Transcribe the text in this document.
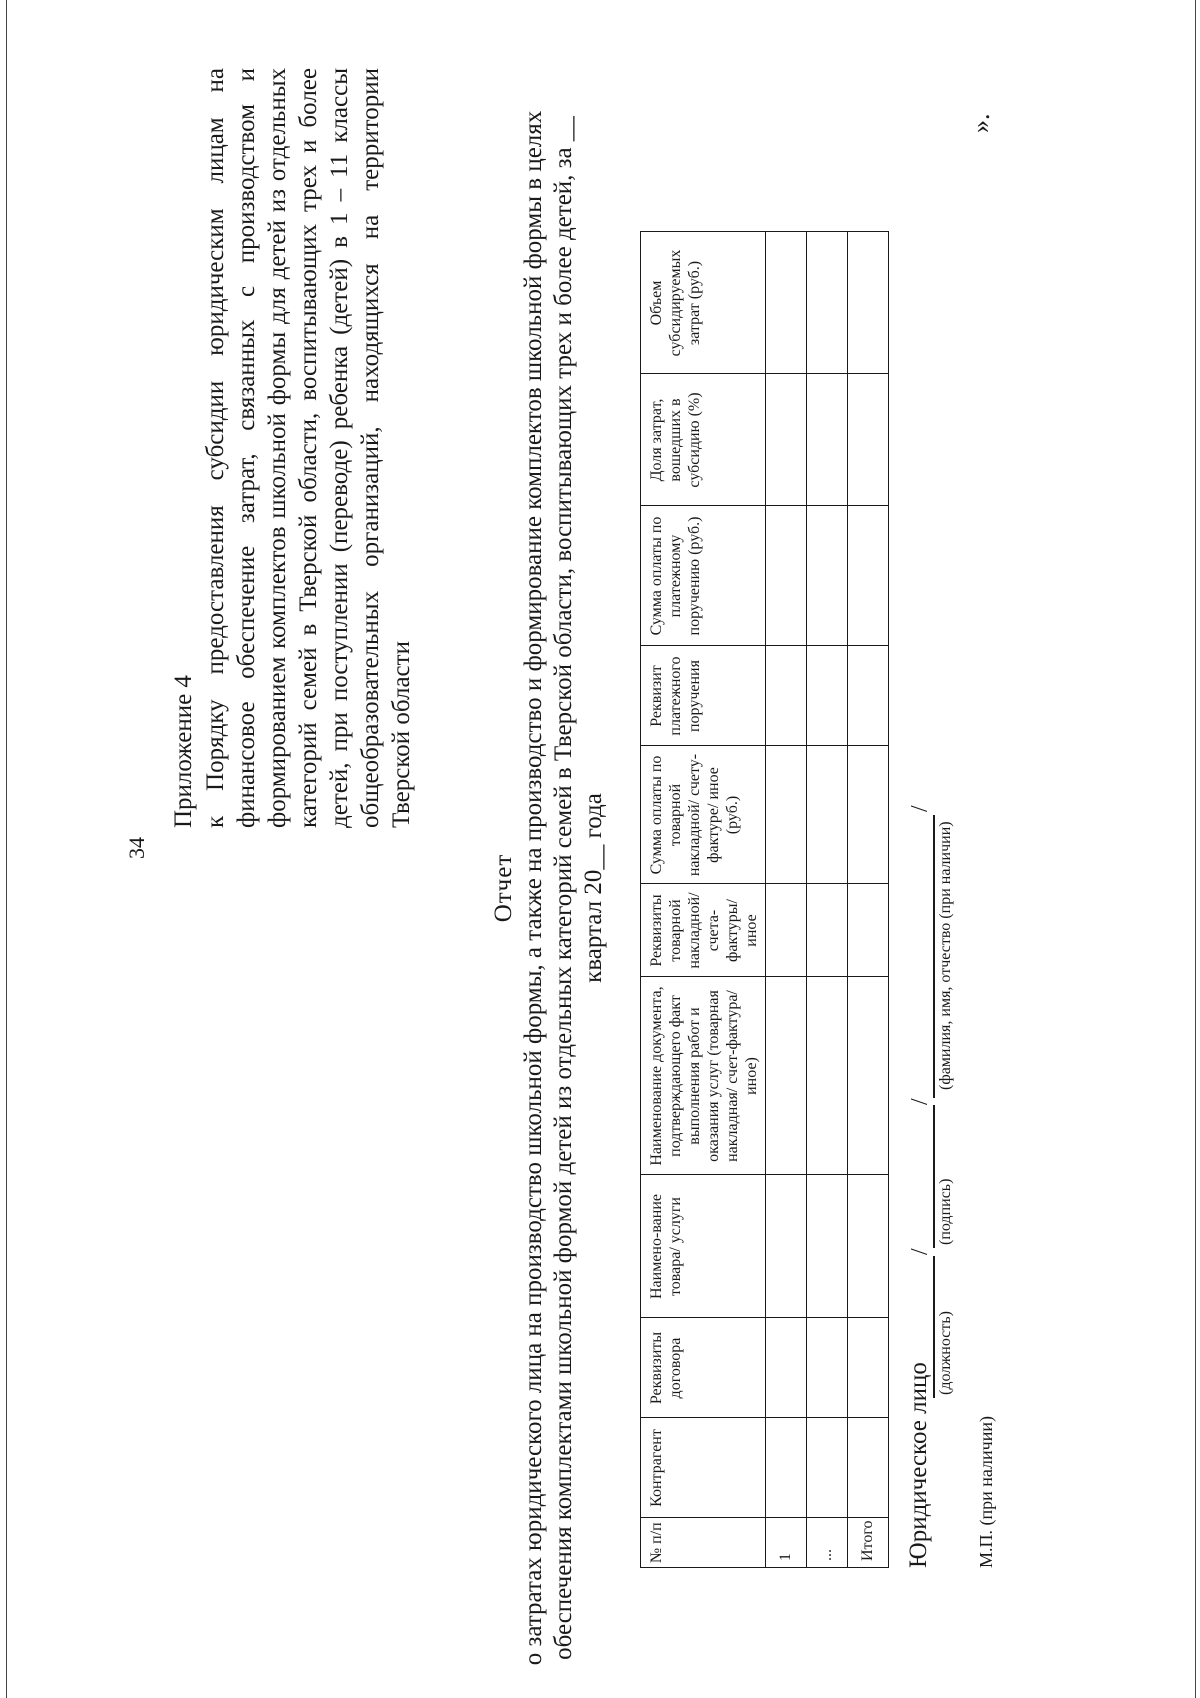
34
Приложение 4 к Порядку предоставления субсидии юридическим лицам на финансовое обеспечение затрат, связанных с производством и формированием комплектов школьной формы для детей из отдельных категорий семей в Тверской области, воспитывающих трех и более детей, при поступлении (переводе) ребенка (детей) в 1 – 11 классы общеобразовательных организаций, находящихся на территории Тверской области
Отчет о затратах юридического лица на производство школьной формы, а также на производство и формирование комплектов школьной формы в целях обеспечения комплектами школьной формой детей из отдельных категорий семей в Тверской области, воспитывающих трех и более детей, за __ квартал 20__ года
№ п/п	Контрагент	Реквизиты договора	Наимено-вание товара/ услуги	Наименование документа, подтверждающего факт выполнения работ и оказания услуг (товарная накладная/ счет-фактура/ иное)	Реквизиты товарной накладной/ счета-фактуры/ иное	Сумма оплаты по товарной накладной/ счету-фактуре/ иное (руб.)	Реквизит платежного поручения	Сумма оплаты по платежному поручению (руб.)	Доля затрат, вошедших в субсидию (%)	Объем субсидируемых затрат (руб.)
1										
...										
Итого										Юридическое лицо
/
/
/
(должность)
(подпись)
(фамилия, имя, отчество (при наличии)
М.П. (при наличии)
».
